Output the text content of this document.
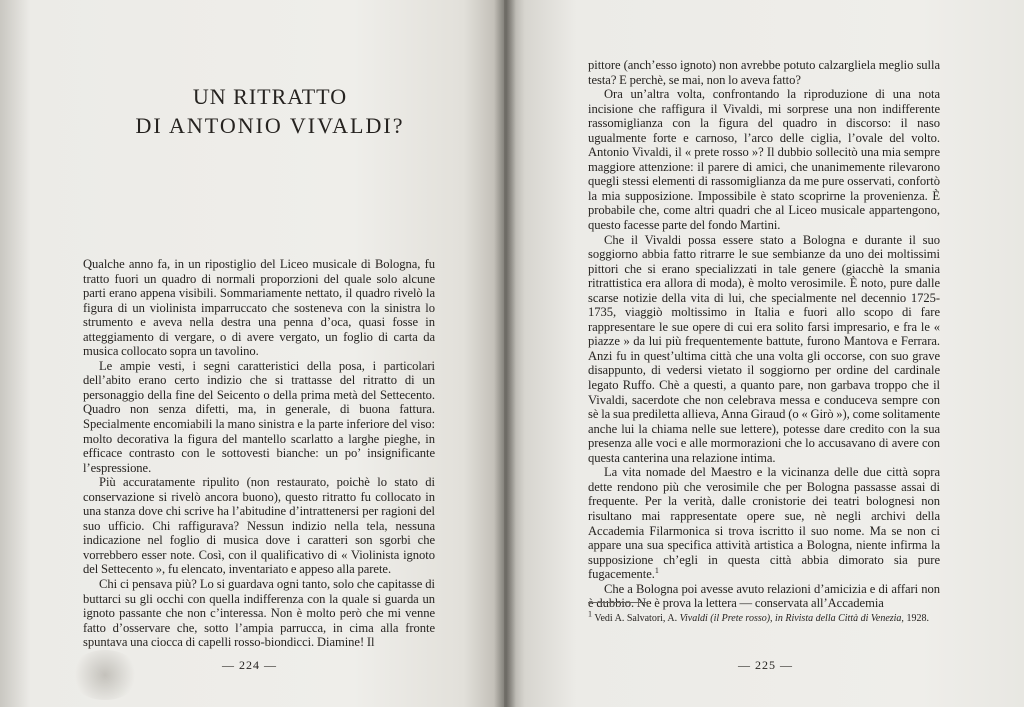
UN RITRATTO
DI ANTONIO VIVALDI?

Qualche anno fa, in un ripostiglio del Liceo musicale di Bologna, fu tratto fuori un quadro di normali proporzioni del quale solo alcune parti erano appena visibili. Sommariamente nettato, il quadro rivelò la figura di un violinista imparruccato che sosteneva con la sinistra lo strumento e aveva nella destra una penna d’oca, quasi fosse in atteggiamento di vergare, o di avere vergato, un foglio di carta da musica collocato sopra un tavolino.

Le ampie vesti, i segni caratteristici della posa, i particolari dell’abito erano certo indizio che si trattasse del ritratto di un personaggio della fine del Seicento o della prima metà del Settecento. Quadro non senza difetti, ma, in generale, di buona fattura. Specialmente encomiabili la mano sinistra e la parte inferiore del viso: molto decorativa la figura del mantello scarlatto a larghe pieghe, in efficace contrasto con le sottovesti bianche: un po’ insignificante l’espressione.

Più accuratamente ripulito (non restaurato, poichè lo stato di conservazione si rivelò ancora buono), questo ritratto fu collocato in una stanza dove chi scrive ha l’abitudine d’intrattenersi per ragioni del suo ufficio. Chi raffigurava? Nessun indizio nella tela, nessuna indicazione nel foglio di musica dove i caratteri son sgorbi che vorrebbero esser note. Così, con il qualificativo di « Violinista ignoto del Settecento », fu elencato, inventariato e appeso alla parete.

Chi ci pensava più? Lo si guardava ogni tanto, solo che capitasse di buttarci su gli occhi con quella indifferenza con la quale si guarda un ignoto passante che non c’interessa. Non è molto però che mi venne fatto d’osservare che, sotto l’ampia parrucca, in cima alla fronte spuntava una ciocca di capelli rosso-biondicci. Diamine! Il

— 224 —

pittore (anch’esso ignoto) non avrebbe potuto calzargliela meglio sulla testa? E perchè, se mai, non lo aveva fatto?

Ora un’altra volta, confrontando la riproduzione di una nota incisione che raffigura il Vivaldi, mi sorprese una non indifferente rassomiglianza con la figura del quadro in discorso: il naso ugualmente forte e carnoso, l’arco delle ciglia, l’ovale del volto. Antonio Vivaldi, il « prete rosso »? Il dubbio sollecitò una mia sempre maggiore attenzione: il parere di amici, che unanimemente rilevarono quegli stessi elementi di rassomiglianza da me pure osservati, confortò la mia supposizione. Impossibile è stato scoprirne la provenienza. È probabile che, come altri quadri che al Liceo musicale appartengono, questo facesse parte del fondo Martini.

Che il Vivaldi possa essere stato a Bologna e durante il suo soggiorno abbia fatto ritrarre le sue sembianze da uno dei moltissimi pittori che si erano specializzati in tale genere (giacchè la smania ritrattistica era allora di moda), è molto verosimile. È noto, pure dalle scarse notizie della vita di lui, che specialmente nel decennio 1725-1735, viaggiò moltissimo in Italia e fuori allo scopo di fare rappresentare le sue opere di cui era solito farsi impresario, e fra le « piazze » da lui più frequentemente battute, furono Mantova e Ferrara. Anzi fu in quest’ultima città che una volta gli occorse, con suo grave disappunto, di vedersi vietato il soggiorno per ordine del cardinale legato Ruffo. Chè a questi, a quanto pare, non garbava troppo che il Vivaldi, sacerdote che non celebrava messa e conduceva sempre con sè la sua prediletta allieva, Anna Giraud (o « Girò »), come solitamente anche lui la chiama nelle sue lettere), potesse dare credito con la sua presenza alle voci e alle mormorazioni che lo accusavano di avere con questa canterina una relazione intima.

La vita nomade del Maestro e la vicinanza delle due città sopra dette rendono più che verosimile che per Bologna passasse assai di frequente. Per la verità, dalle cronistorie dei teatri bolognesi non risultano mai rappresentate opere sue, nè negli archivi della Accademia Filarmonica si trova iscritto il suo nome. Ma se non ci appare una sua specifica attività artistica a Bologna, niente infirma la supposizione ch’egli in questa città abbia dimorato sia pure fugacemente.$^1$

Che a Bologna poi avesse avuto relazioni d’amicizia e di affari non è dubbio. Ne è prova la lettera — conservata all’Accademia

$^1$ Vedi A. Salvatori, A. Vivaldi (il Prete rosso), in Rivista della Città di Venezia, 1928.
— 225 —
